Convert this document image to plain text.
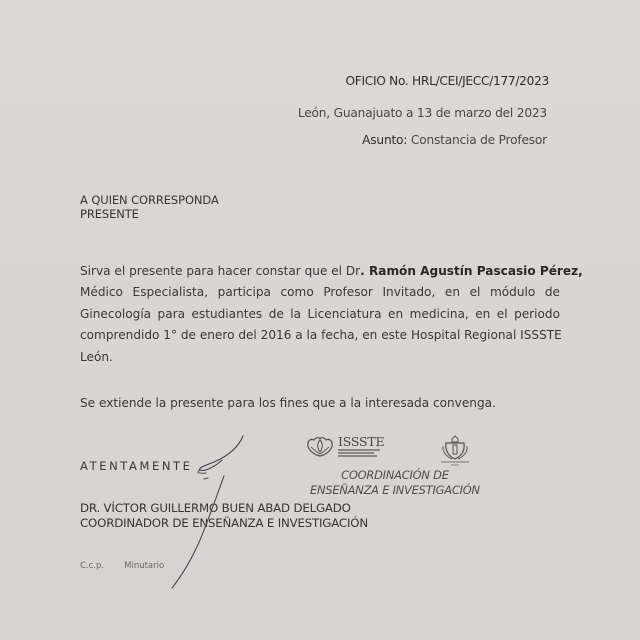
OFICIO No. HRL/CEI/JECC/177/2023
León, Guanajuato a 13 de marzo del 2023
Asunto: Constancia de Profesor
A QUIEN CORRESPONDA
PRESENTE
Sirva el presente para hacer constar que el Dr. Ramón Agustín Pascasio Pérez,
Médico Especialista, participa como Profesor Invitado, en el módulo de
Ginecología para estudiantes de la Licenciatura en medicina, en el periodo
comprendido 1° de enero del 2016 a la fecha, en este Hospital Regional ISSSTE
León.
Se extiende la presente para los fines que a la interesada convenga.
ATENTAMENTE
DR. VÍCTOR GUILLERMO BUEN ABAD DELGADO
COORDINADOR DE ENSEÑANZA E INVESTIGACIÓN
C.c.p. Minutario
ISSSTE
COORDINACIÓN DE
ENSEÑANZA E INVESTIGACIÓN
